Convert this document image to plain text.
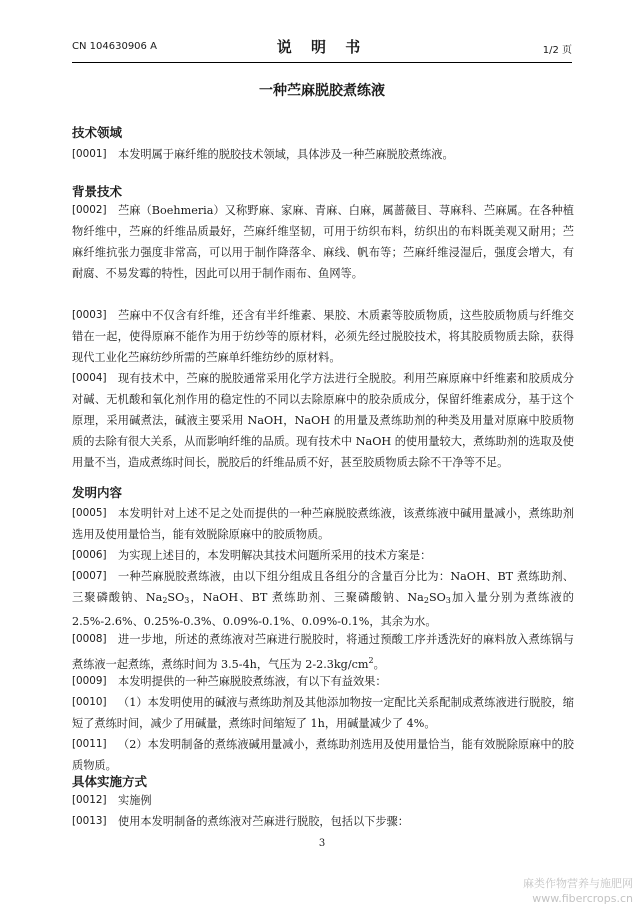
CN 104630906 A	说 明 书	1/2 页
一种苎麻脱胶煮练液
技术领域
[0001]	本发明属于麻纤维的脱胶技术领域，具体涉及一种苎麻脱胶煮练液。
背景技术
[0002]	苎麻（Boehmeria）又称野麻、家麻、青麻、白麻，属蔷薇目、荨麻科、苎麻属。在各种植物纤维中，苎麻的纤维品质最好，苎麻纤维坚韧，可用于纺织布料，纺织出的布料既美观又耐用；苎麻纤维抗张力强度非常高，可以用于制作降落伞、麻线、帆布等；苎麻纤维浸湿后，强度会增大，有耐腐、不易发霉的特性，因此可以用于制作雨布、鱼网等。
[0003]	苎麻中不仅含有纤维，还含有半纤维素、果胶、木质素等胶质物质，这些胶质物质与纤维交错在一起，使得原麻不能作为用于纺纱等的原材料，必须先经过脱胶技术，将其胶质物质去除，获得现代工业化苎麻纺纱所需的苎麻单纤维纺纱的原材料。
[0004]	现有技术中，苎麻的脱胶通常采用化学方法进行全脱胶。利用苎麻原麻中纤维素和胶质成分对碱、无机酸和氧化剂作用的稳定性的不同以去除原麻中的胶杂质成分，保留纤维素成分，基于这个原理，采用碱煮法，碱液主要采用 NaOH，NaOH 的用量及煮练助剂的种类及用量对原麻中胶质物质的去除有很大关系，从而影响纤维的品质。现有技术中 NaOH 的使用量较大，煮练助剂的选取及使用量不当，造成煮练时间长，脱胶后的纤维品质不好，甚至胶质物质去除不干净等不足。
发明内容
[0005]	本发明针对上述不足之处而提供的一种苎麻脱胶煮练液，该煮练液中碱用量减小，煮练助剂选用及使用量恰当，能有效脱除原麻中的胶质物质。
[0006]	为实现上述目的，本发明解决其技术问题所采用的技术方案是：
[0007]	一种苎麻脱胶煮练液，由以下组分组成且各组分的含量百分比为：NaOH、BT 煮练助剂、三聚磷酸钠、$Na_2SO_3$，NaOH、BT 煮练助剂、三聚磷酸钠、$Na_2SO_3$加入量分别为煮练液的 2.5%-2.6%、0.25%-0.3%、0.09%-0.1%、0.09%-0.1%，其余为水。
[0008]	进一步地，所述的煮练液对苎麻进行脱胶时，将通过预酸工序并透洗好的麻料放入煮练锅与煮练液一起煮练，煮练时间为 3.5-4h，气压为 $2-2.3kg/cm^2$。
[0009]	本发明提供的一种苎麻脱胶煮练液，有以下有益效果：
[0010]	（1）本发明使用的碱液与煮练助剂及其他添加物按一定配比关系配制成煮练液进行脱胶，缩短了煮练时间，减少了用碱量，煮练时间缩短了 1h，用碱量减少了 4%。
[0011]	（2）本发明制备的煮练液碱用量减小，煮练助剂选用及使用量恰当，能有效脱除原麻中的胶质物质。
具体实施方式
[0012]	实施例
[0013]	使用本发明制备的煮练液对苎麻进行脱胶，包括以下步骤：
3
麻类作物营养与施肥网
www.fibercrops.cn
